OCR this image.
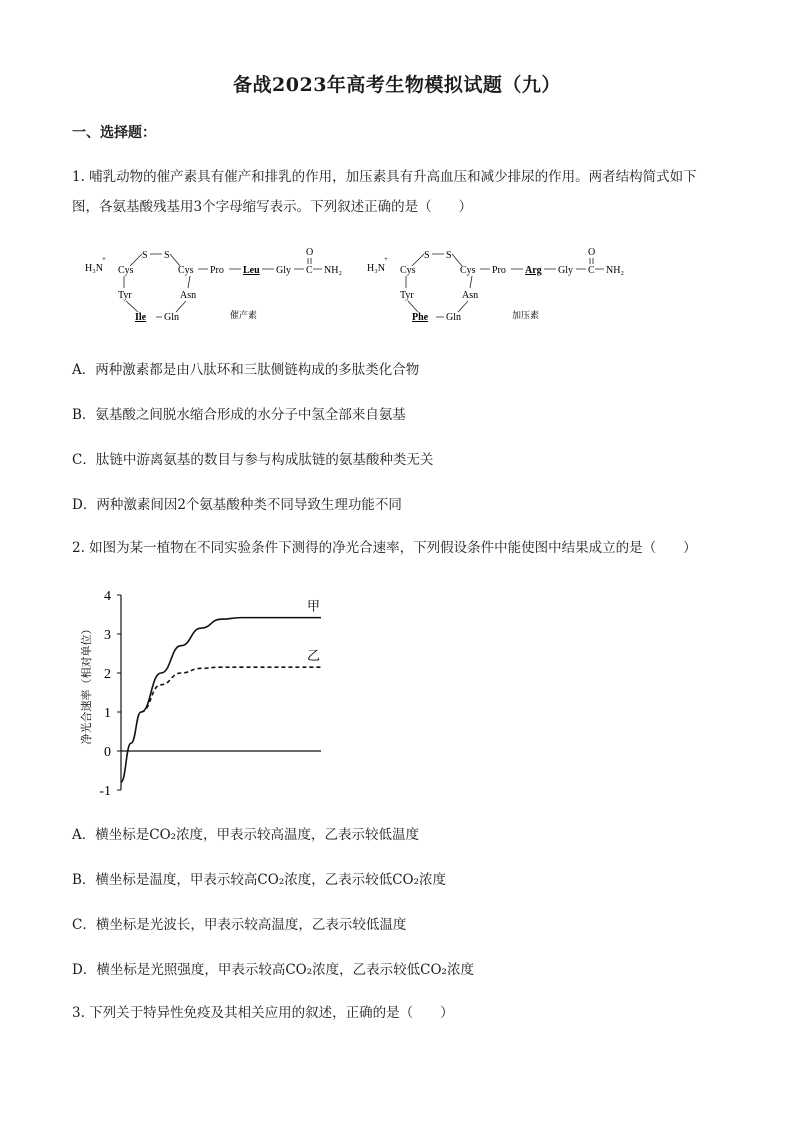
备战2023年高考生物模拟试题（九）
一、选择题：
1. 哺乳动物的催产素具有催产和排乳的作用，加压素具有升高血压和减少排尿的作用。两者结构简式如下
图，各氨基酸残基用3个字母缩写表示。下列叙述正确的是（　　）
H₃N
+
Cys
S S
Cys
Tyr	Asn
Ile Gln
Pro Leu Gly C
O
NH₂
催产素
H₃N
+
Cys
S S
Cys
Tyr	Asn
Phe Gln
Pro Arg Gly C
O
NH₂
加压素
A．两种激素都是由八肽环和三肽侧链构成的多肽类化合物
B．氨基酸之间脱水缩合形成的水分子中氢全部来自氨基
C．肽链中游离氨基的数目与参与构成肽链的氨基酸种类无关
D．两种激素间因2个氨基酸种类不同导致生理功能不同
2. 如图为某一植物在不同实验条件下测得的净光合速率，下列假设条件中能使图中结果成立的是（　　）
4
3
2
1
0
-1
甲
乙
净光合速率（相对单位）
A．横坐标是CO₂浓度，甲表示较高温度，乙表示较低温度
B．横坐标是温度，甲表示较高CO₂浓度，乙表示较低CO₂浓度
C．横坐标是光波长，甲表示较高温度，乙表示较低温度
D．横坐标是光照强度，甲表示较高CO₂浓度，乙表示较低CO₂浓度
3. 下列关于特异性免疫及其相关应用的叙述，正确的是（　　）
